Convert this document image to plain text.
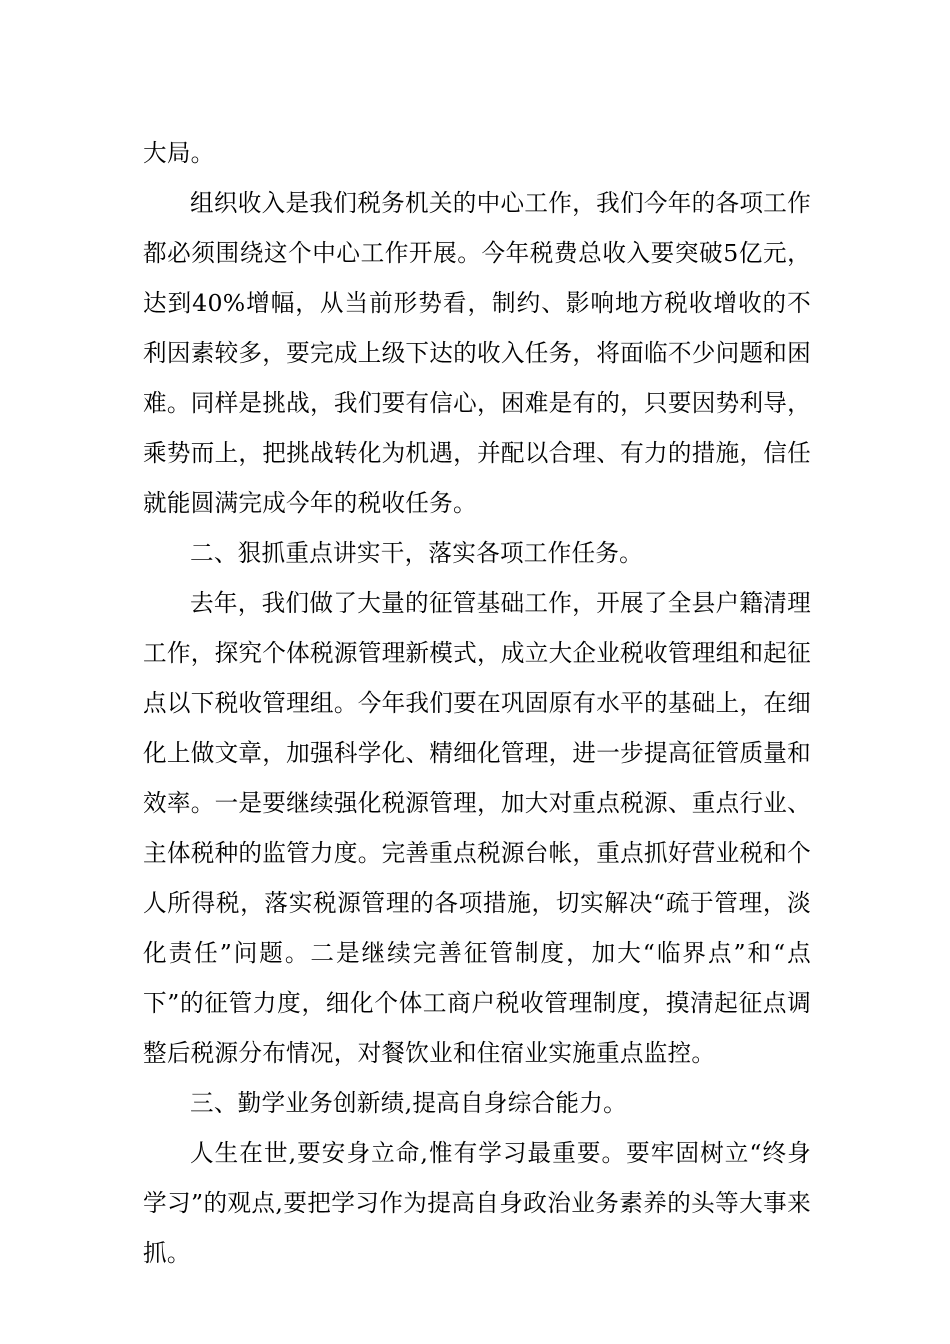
大局。

组织收入是我们税务机关的中心工作，我们今年的各项工作都必须围绕这个中心工作开展。今年税费总收入要突破5亿元，达到40%增幅，从当前形势看，制约、影响地方税收增收的不利因素较多，要完成上级下达的收入任务，将面临不少问题和困难。同样是挑战，我们要有信心，困难是有的，只要因势利导，乘势而上，把挑战转化为机遇，并配以合理、有力的措施，信任就能圆满完成今年的税收任务。

二、狠抓重点讲实干，落实各项工作任务。

去年，我们做了大量的征管基础工作，开展了全县户籍清理工作，探究个体税源管理新模式，成立大企业税收管理组和起征点以下税收管理组。今年我们要在巩固原有水平的基础上，在细化上做文章，加强科学化、精细化管理，进一步提高征管质量和效率。一是要继续强化税源管理，加大对重点税源、重点行业、主体税种的监管力度。完善重点税源台帐，重点抓好营业税和个人所得税，落实税源管理的各项措施，切实解决“疏于管理，淡化责任”问题。二是继续完善征管制度，加大“临界点”和“点下”的征管力度，细化个体工商户税收管理制度，摸清起征点调整后税源分布情况，对餐饮业和住宿业实施重点监控。

三、勤学业务创新绩,提高自身综合能力。

人生在世,要安身立命,惟有学习最重要。要牢固树立“终身学习”的观点,要把学习作为提高自身政治业务素养的头等大事来抓。
